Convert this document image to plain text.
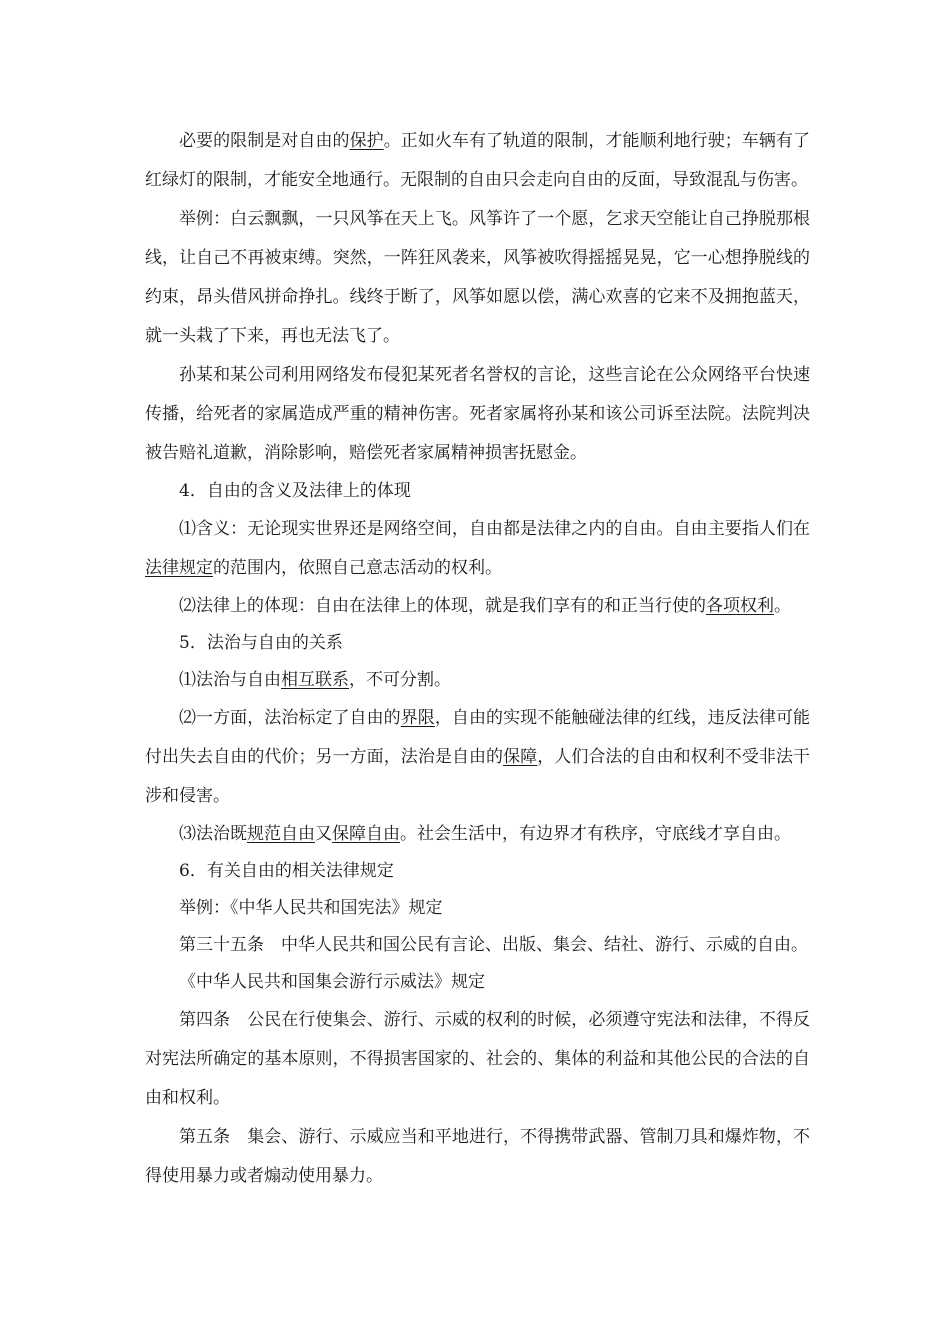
必要的限制是对自由的保护。正如火车有了轨道的限制，才能顺利地行驶；车辆有了红绿灯的限制，才能安全地通行。无限制的自由只会走向自由的反面，导致混乱与伤害。

举例：白云飘飘，一只风筝在天上飞。风筝许了一个愿，乞求天空能让自己挣脱那根线，让自己不再被束缚。突然，一阵狂风袭来，风筝被吹得摇摇晃晃，它一心想挣脱线的约束，昂头借风拼命挣扎。线终于断了，风筝如愿以偿，满心欢喜的它来不及拥抱蓝天，就一头栽了下来，再也无法飞了。

孙某和某公司利用网络发布侵犯某死者名誉权的言论，这些言论在公众网络平台快速传播，给死者的家属造成严重的精神伤害。死者家属将孙某和该公司诉至法院。法院判决被告赔礼道歉，消除影响，赔偿死者家属精神损害抚慰金。

4．自由的含义及法律上的体现

⑴含义：无论现实世界还是网络空间，自由都是法律之内的自由。自由主要指人们在法律规定的范围内，依照自己意志活动的权利。

⑵法律上的体现：自由在法律上的体现，就是我们享有的和正当行使的各项权利。

5．法治与自由的关系

⑴法治与自由相互联系，不可分割。

⑵一方面，法治标定了自由的界限，自由的实现不能触碰法律的红线，违反法律可能付出失去自由的代价；另一方面，法治是自由的保障，人们合法的自由和权利不受非法干涉和侵害。

⑶法治既规范自由又保障自由。社会生活中，有边界才有秩序，守底线才享自由。

6．有关自由的相关法律规定

举例：《中华人民共和国宪法》规定

第三十五条　中华人民共和国公民有言论、出版、集会、结社、游行、示威的自由。

《中华人民共和国集会游行示威法》规定

第四条　公民在行使集会、游行、示威的权利的时候，必须遵守宪法和法律，不得反对宪法所确定的基本原则，不得损害国家的、社会的、集体的利益和其他公民的合法的自由和权利。

第五条　集会、游行、示威应当和平地进行，不得携带武器、管制刀具和爆炸物，不得使用暴力或者煽动使用暴力。
